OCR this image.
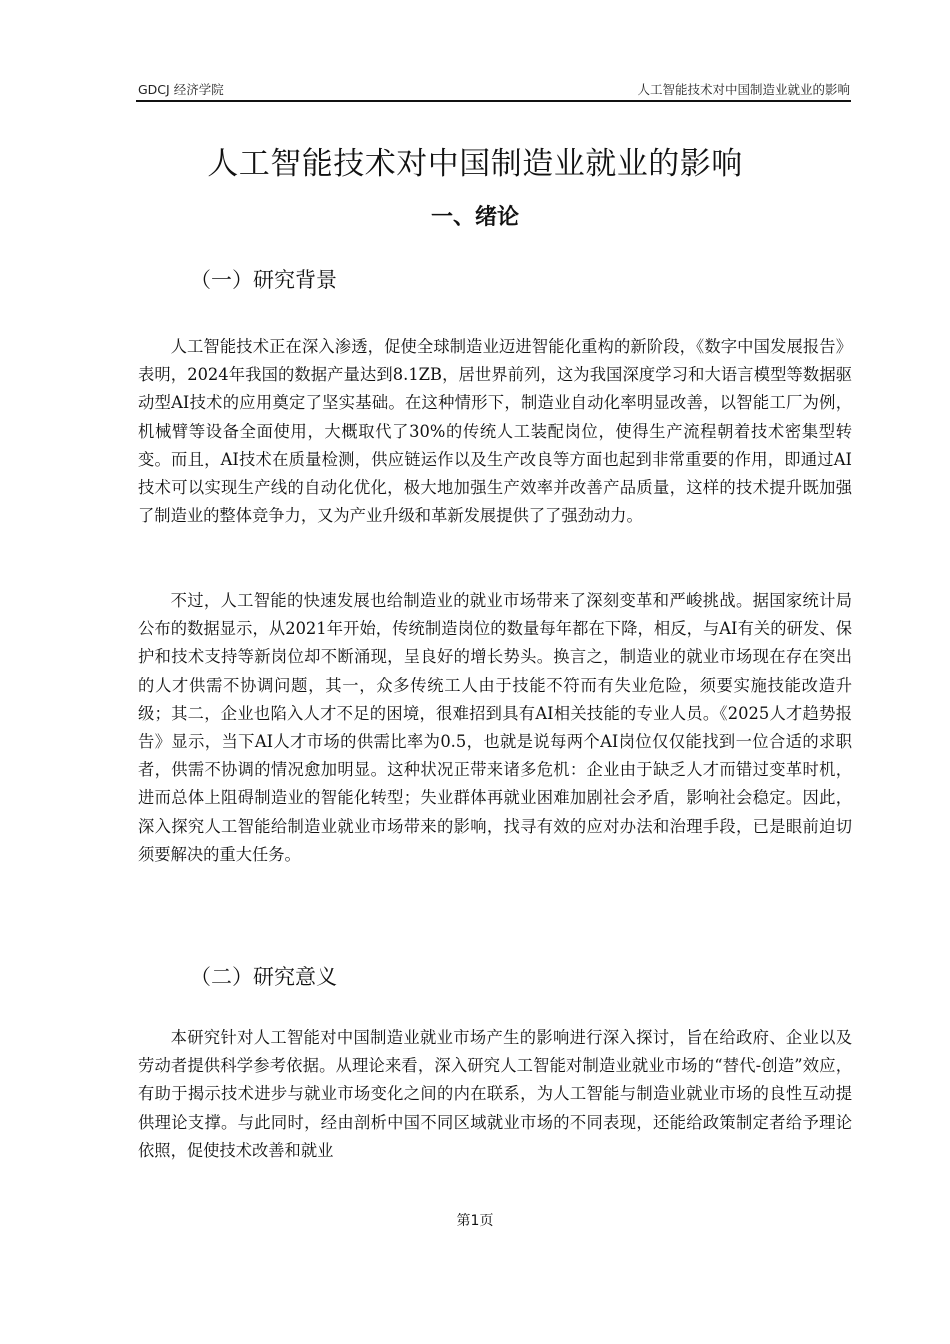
GDCJ 经济学院	人工智能技术对中国制造业就业的影响
人工智能技术对中国制造业就业的影响
一、绪论
（一）研究背景

人工智能技术正在深入渗透，促使全球制造业迈进智能化重构的新阶段，《数字中国发展报告》表明，2024年我国的数据产量达到8.1ZB，居世界前列，这为我国深度学习和大语言模型等数据驱动型AI技术的应用奠定了坚实基础。在这种情形下，制造业自动化率明显改善，以智能工厂为例，机械臂等设备全面使用，大概取代了30%的传统人工装配岗位，使得生产流程朝着技术密集型转变。而且，AI技术在质量检测，供应链运作以及生产改良等方面也起到非常重要的作用，即通过AI技术可以实现生产线的自动化优化，极大地加强生产效率并改善产品质量，这样的技术提升既加强了制造业的整体竞争力，又为产业升级和革新发展提供了了强劲动力。

不过，人工智能的快速发展也给制造业的就业市场带来了深刻变革和严峻挑战。据国家统计局公布的数据显示，从2021年开始，传统制造岗位的数量每年都在下降，相反，与AI有关的研发、保护和技术支持等新岗位却不断涌现，呈良好的增长势头。换言之，制造业的就业市场现在存在突出的人才供需不协调问题，其一，众多传统工人由于技能不符而有失业危险，须要实施技能改造升级；其二，企业也陷入人才不足的困境，很难招到具有AI相关技能的专业人员。《2025人才趋势报告》显示，当下AI人才市场的供需比率为0.5，也就是说每两个AI岗位仅仅能找到一位合适的求职者，供需不协调的情况愈加明显。这种状况正带来诸多危机：企业由于缺乏人才而错过变革时机，进而总体上阻碍制造业的智能化转型；失业群体再就业困难加剧社会矛盾，影响社会稳定。因此，深入探究人工智能给制造业就业市场带来的影响，找寻有效的应对办法和治理手段，已是眼前迫切须要解决的重大任务。

（二）研究意义

本研究针对人工智能对中国制造业就业市场产生的影响进行深入探讨，旨在给政府、企业以及劳动者提供科学参考依据。从理论来看，深入研究人工智能对制造业就业市场的“替代-创造”效应，有助于揭示技术进步与就业市场变化之间的内在联系，为人工智能与制造业就业市场的良性互动提供理论支撑。与此同时，经由剖析中国不同区域就业市场的不同表现，还能给政策制定者给予理论依照，促使技术改善和就业

第1页
